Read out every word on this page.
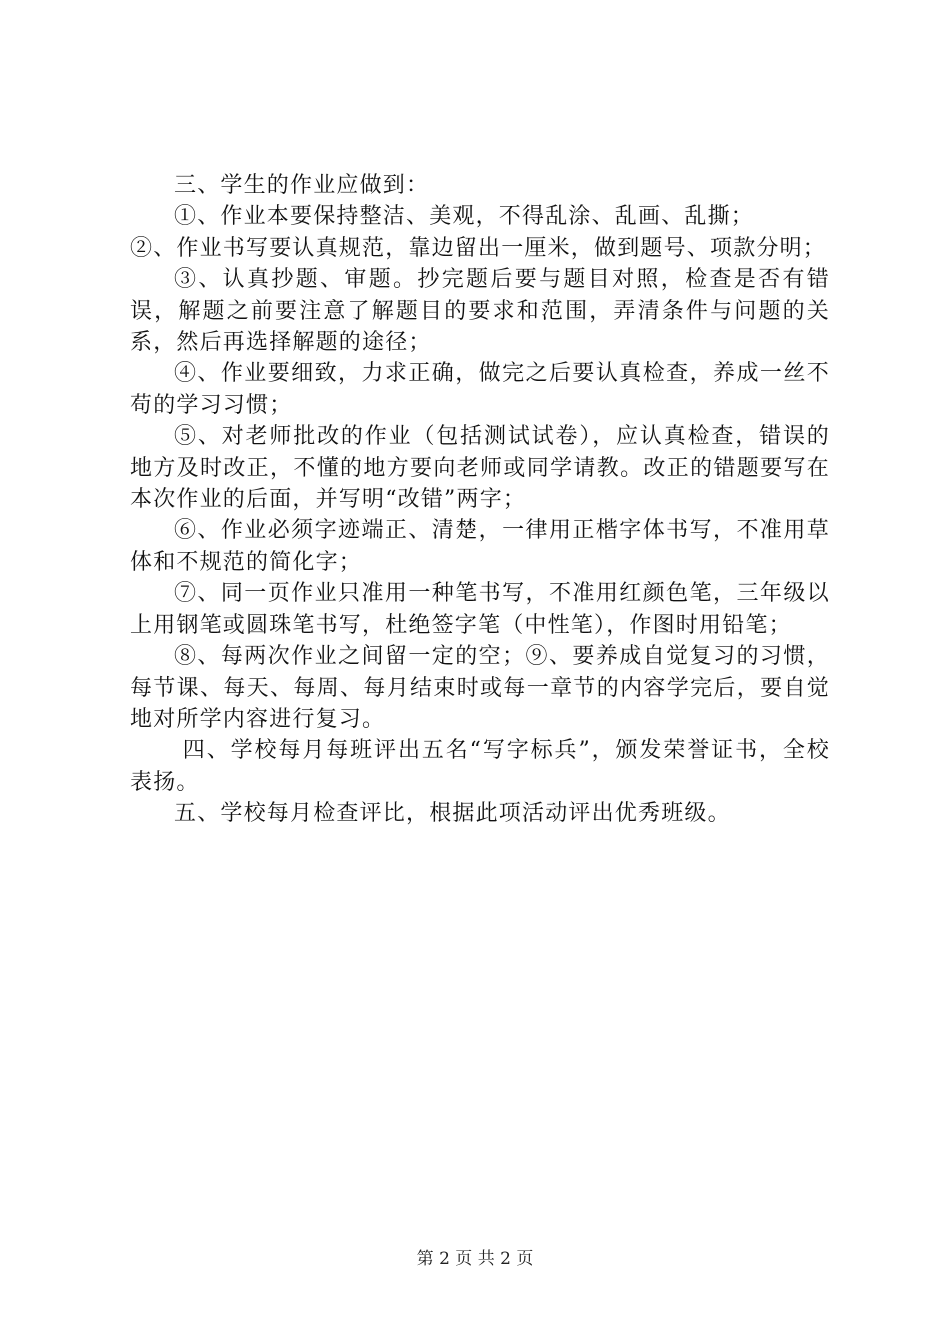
三、学生的作业应做到：

①、作业本要保持整洁、美观，不得乱涂、乱画、乱撕；

②、作业书写要认真规范，靠边留出一厘米，做到题号、项款分明；

③、认真抄题、审题。抄完题后要与题目对照，检查是否有错误，解题之前要注意了解题目的要求和范围，弄清条件与问题的关系，然后再选择解题的途径；

④、作业要细致，力求正确，做完之后要认真检查，养成一丝不苟的学习习惯；

⑤、对老师批改的作业（包括测试试卷），应认真检查，错误的地方及时改正，不懂的地方要向老师或同学请教。改正的错题要写在本次作业的后面，并写明“改错”两字；

⑥、作业必须字迹端正、清楚，一律用正楷字体书写，不准用草体和不规范的简化字；

⑦、同一页作业只准用一种笔书写，不准用红颜色笔，三年级以上用钢笔或圆珠笔书写，杜绝签字笔（中性笔），作图时用铅笔；

⑧、每两次作业之间留一定的空；⑨、要养成自觉复习的习惯，每节课、每天、每周、每月结束时或每一章节的内容学完后，要自觉地对所学内容进行复习。

四、学校每月每班评出五名“写字标兵”，颁发荣誉证书，全校表扬。

五、学校每月检查评比，根据此项活动评出优秀班级。

第 2 页 共 2 页
